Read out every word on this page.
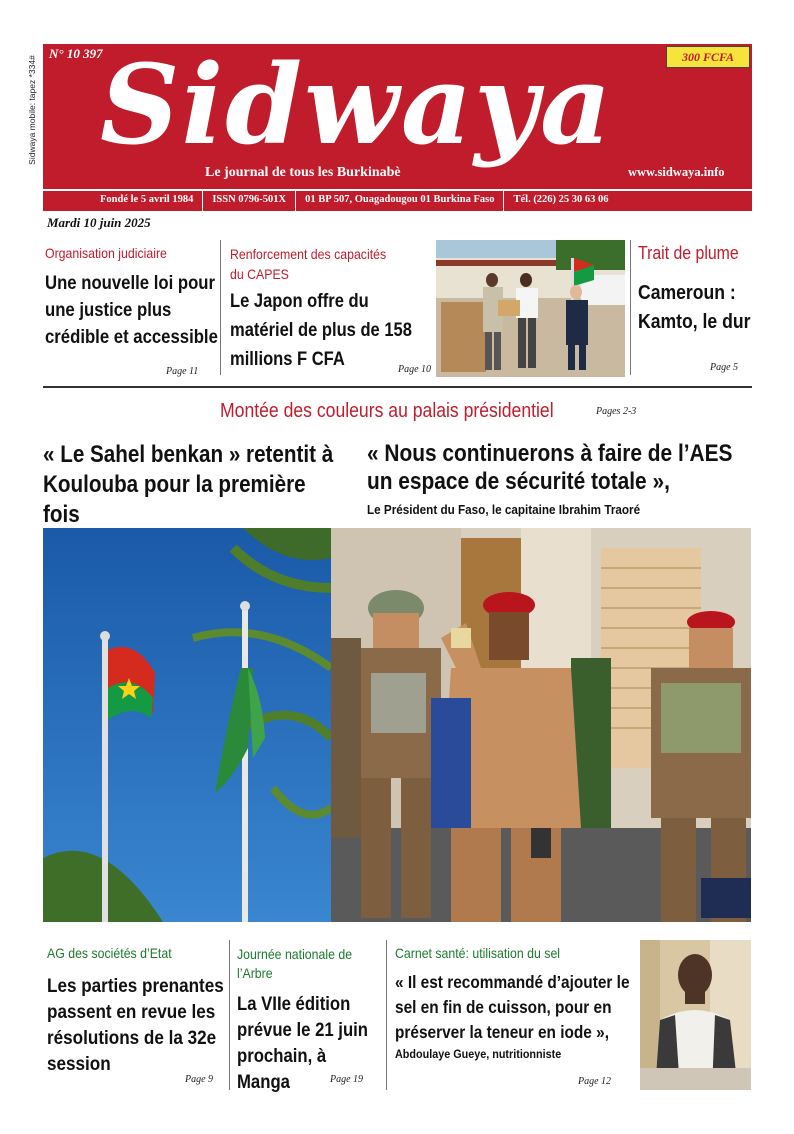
Sidwaya mobile: tapez *334#
N° 10 397	300 FCFA
Sidwaya
Le journal de tous les Burkinabè	www.sidwaya.info
Fondé le 5 avril 1984	ISSN 0796-501X	01 BP 507, Ouagadougou 01 Burkina Faso	Tél. (226) 25 30 63 06
Mardi 10 juin 2025
Organisation judiciaire
Une nouvelle loi pour une justice plus crédible et accessible
Page 11
Renforcement des capacités du CAPES
Le Japon offre du matériel de plus de 158 millions F CFA	Page 10
Trait de plume
Cameroun : Kamto, le dur
Page 5
Montée des couleurs au palais présidentiel	Pages 2-3
« Le Sahel benkan » retentit à Koulouba pour la première fois
« Nous continuerons à faire de l’AES un espace de sécurité totale »,
Le Président du Faso, le capitaine Ibrahim Traoré
AG des sociétés d’Etat
Les parties prenantes passent en revue les résolutions de la 32e session
Page 9
Journée nationale de l’Arbre
La VIIe édition prévue le 21 juin prochain, à Manga	Page 19
Carnet santé: utilisation du sel
« Il est recommandé d’ajouter le sel en fin de cuisson, pour en préserver la teneur en iode »,
Abdoulaye Gueye, nutritionniste
Page 12
